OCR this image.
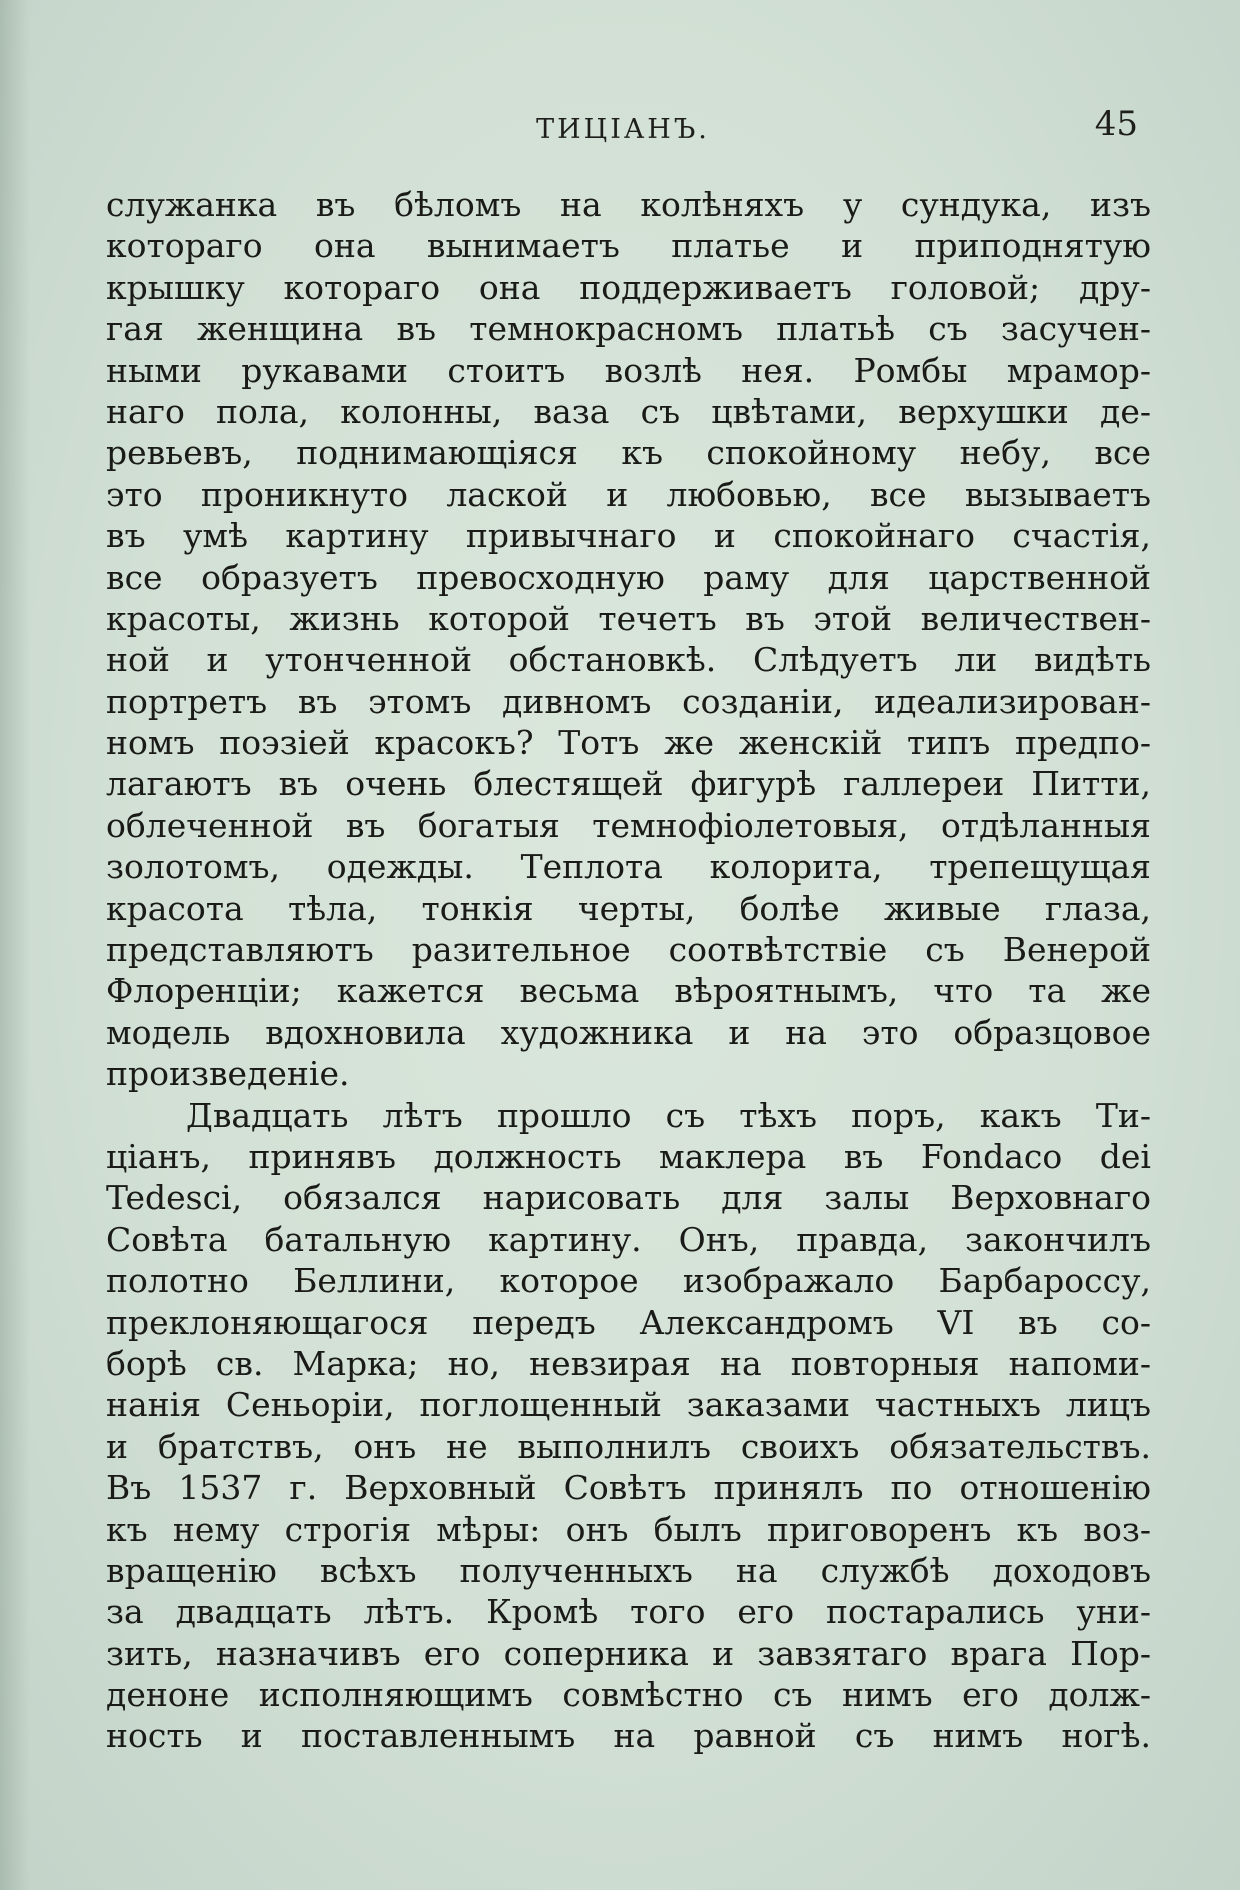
ТИЦІАНЪ.	45
служанка въ бѣломъ на колѣняхъ у сундука, изъ
котораго она вынимаетъ платье и приподнятую
крышку котораго она поддерживаетъ головой; дру-
гая женщина въ темнокрасномъ платьѣ съ засучен-
ными рукавами стоитъ возлѣ нея. Ромбы мрамор-
наго пола, колонны, ваза съ цвѣтами, верхушки де-
ревьевъ, поднимающіяся къ спокойному небу, все
это проникнуто лаской и любовью, все вызываетъ
въ умѣ картину привычнаго и спокойнаго счастія,
все образуетъ превосходную раму для царственной
красоты, жизнь которой течетъ въ этой величествен-
ной и утонченной обстановкѣ. Слѣдуетъ ли видѣть
портретъ въ этомъ дивномъ созданіи, идеализирован-
номъ поэзіей красокъ? Тотъ же женскій типъ предпо-
лагаютъ въ очень блестящей фигурѣ галлереи Питти,
облеченной въ богатыя темнофіолетовыя, отдѣланныя
золотомъ, одежды. Теплота колорита, трепещущая
красота тѣла, тонкія черты, болѣе живые глаза,
представляютъ разительное соотвѣтствіе съ Венерой
Флоренціи; кажется весьма вѣроятнымъ, что та же
модель вдохновила художника и на это образцовое
произведеніе.
Двадцать лѣтъ прошло съ тѣхъ поръ, какъ Ти-
ціанъ, принявъ должность маклера въ Fondaco dei
Tedesci, обязался нарисовать для залы Верховнаго
Совѣта батальную картину. Онъ, правда, закончилъ
полотно Беллини, которое изображало Барбароссу,
преклоняющагося передъ Александромъ VI въ со-
борѣ св. Марка; но, невзирая на повторныя напоми-
нанія Сеньоріи, поглощенный заказами частныхъ лицъ
и братствъ, онъ не выполнилъ своихъ обязательствъ.
Въ 1537 г. Верховный Совѣтъ принялъ по отношенію
къ нему строгія мѣры: онъ былъ приговоренъ къ воз-
вращенію всѣхъ полученныхъ на службѣ доходовъ
за двадцать лѣтъ. Кромѣ того его постарались уни-
зить, назначивъ его соперника и завзятаго врага Пор-
деноне исполняющимъ совмѣстно съ нимъ его долж-
ность и поставленнымъ на равной съ нимъ ногѣ.
